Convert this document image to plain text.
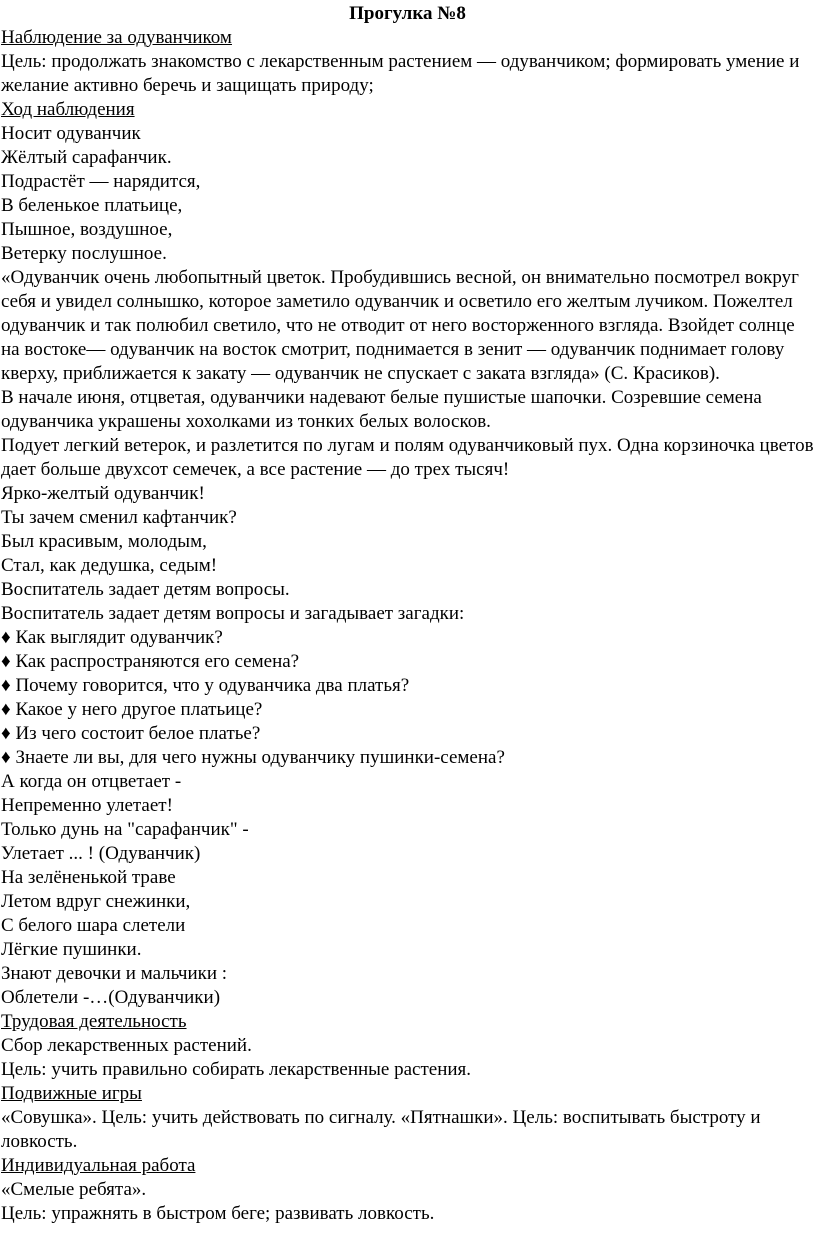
Прогулка №8

Наблюдение за одуванчиком

Цель: продолжать знакомство с лекарственным растением — одуванчиком; формировать умение и желание активно беречь и защищать природу;

Ход наблюдения

Носит одуванчик

Жёлтый сарафанчик.

Подрастёт — нарядится,

В беленькое платьице,

Пышное, воздушное,

Ветерку послушное.

«Одуванчик очень любопытный цветок. Пробудившись весной, он внимательно посмотрел вокруг себя и увидел солнышко, которое заметило одуванчик и осветило его желтым лучиком. Пожелтел одуванчик и так полюбил светило, что не отводит от него восторженного взгляда. Взойдет солнце на востоке— одуванчик на восток смотрит, поднимается в зенит — одуванчик поднимает голову кверху, приближается к закату — одуванчик не спускает с заката взгляда» (С. Красиков).

В начале июня, отцветая, одуванчики надевают белые пушистые шапочки. Созревшие семена одуванчика украшены хохолками из тонких белых волосков.

Подует легкий ветерок, и разлетится по лугам и полям одуванчиковый пух. Одна корзиночка цветов дает больше двухсот семечек, а все растение — до трех тысяч!

Ярко-желтый одуванчик!

Ты зачем сменил кафтанчик?

Был красивым, молодым,

Стал, как дедушка, седым!

Воспитатель задает детям вопросы.

Воспитатель задает детям вопросы и загадывает загадки:

♦ Как выглядит одуванчик?

♦ Как распространяются его семена?

♦ Почему говорится, что у одуванчика два платья?

♦ Какое у него другое платьице?

♦ Из чего состоит белое платье?

♦ Знаете ли вы, для чего нужны одуванчику пушинки-семена?

А когда он отцветает -

Непременно улетает!

Только дунь на "сарафанчик" -

Улетает ... ! (Одуванчик)

На зелёненькой траве

Летом вдруг снежинки,

С белого шара слетели

Лёгкие пушинки.

Знают девочки и мальчики :

Облетели -…(Одуванчики)

Трудовая деятельность

Сбор лекарственных растений.

Цель: учить правильно собирать лекарственные растения.

Подвижные игры

«Совушка». Цель: учить действовать по сигналу. «Пятнашки». Цель: воспитывать быстроту и ловкость.

Индивидуальная работа

«Смелые ребята».

Цель: упражнять в быстром беге; развивать ловкость.
